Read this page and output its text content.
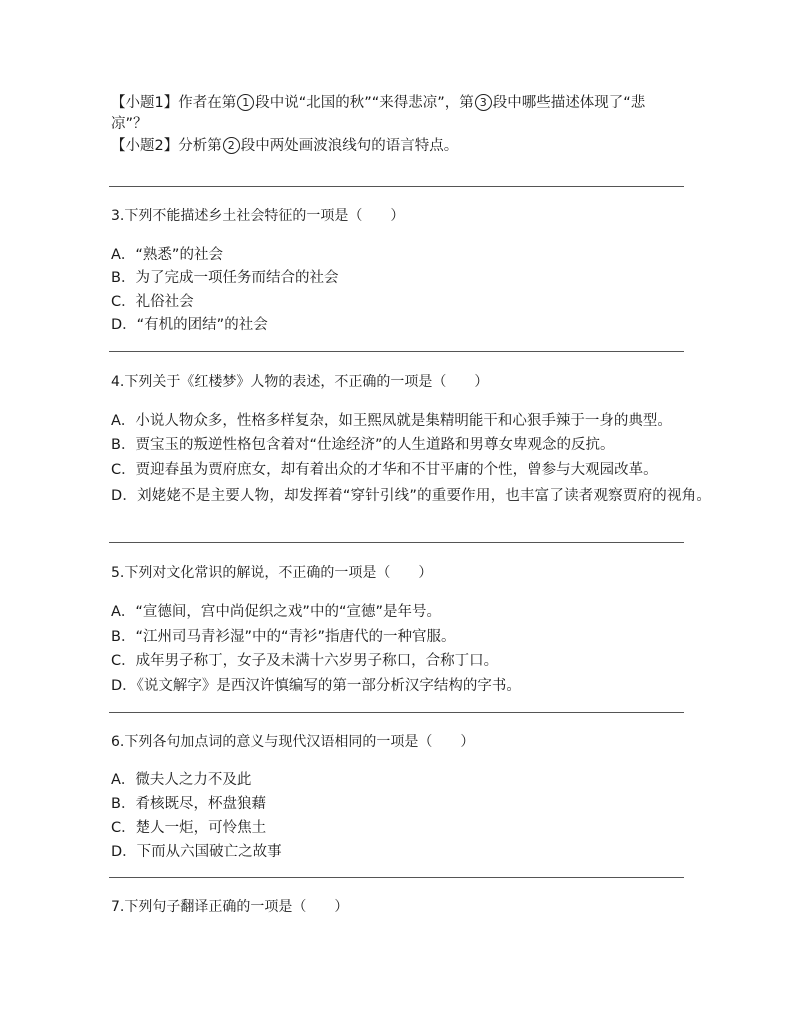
【小题1】作者在第 1 段中说“北国的秋”“来得悲凉”，第 3 段中哪些描述体现了“悲
凉”？
【小题2】分析第 2 段中两处画波浪线句的语言特点。
3.下列不能描述乡土社会特征的一项是（　　）
A．“熟悉”的社会
B．为了完成一项任务而结合的社会
C．礼俗社会
D．“有机的团结”的社会
4.下列关于《红楼梦》人物的表述，不正确的一项是（　　）
A．小说人物众多，性格多样复杂，如王熙凤就是集精明能干和心狠手辣于一身的典型。
B．贾宝玉的叛逆性格包含着对“仕途经济”的人生道路和男尊女卑观念的反抗。
C．贾迎春虽为贾府庶女，却有着出众的才华和不甘平庸的个性，曾参与大观园改革。
D．刘姥姥不是主要人物，却发挥着“穿针引线”的重要作用，也丰富了读者观察贾府的视角。
5.下列对文化常识的解说，不正确的一项是（　　）
A．“宣德间，宫中尚促织之戏”中的“宣德”是年号。
B．“江州司马青衫湿”中的“青衫”指唐代的一种官服。
C．成年男子称丁，女子及未满十六岁男子称口，合称丁口。
D．《说文解字》是西汉许慎编写的第一部分析汉字结构的字书。
6.下列各句加点词的意义与现代汉语相同的一项是（　　）
A．微夫人之力不及此
B．肴核既尽，杯盘狼藉
C．楚人一炬，可怜焦土
D．下而从六国破亡之故事
7.下列句子翻译正确的一项是（　　）
